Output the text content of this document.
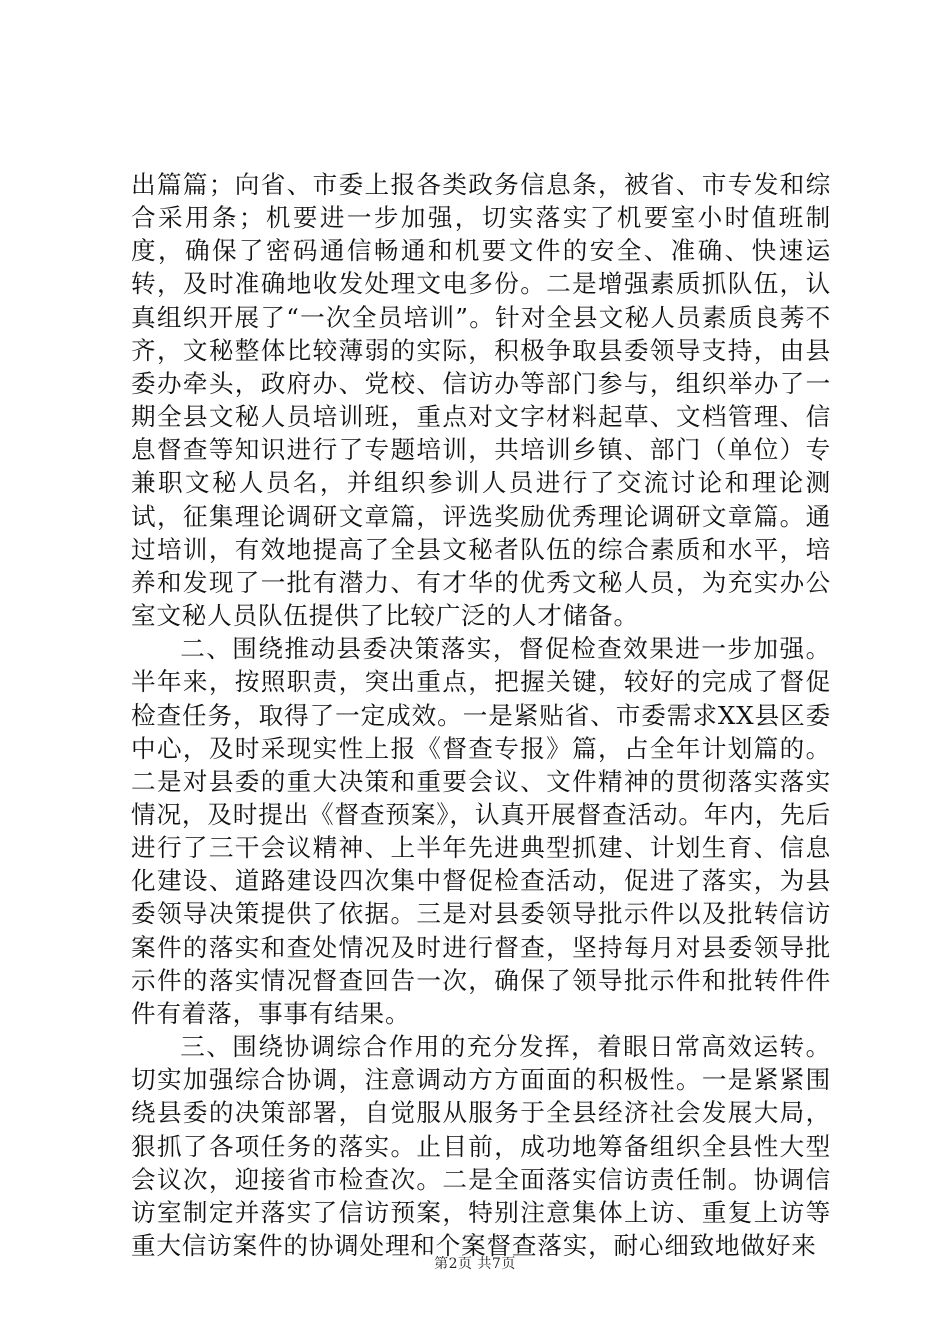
出篇篇；向省、市委上报各类政务信息条，被省、市专发和综合采用条；机要进一步加强，切实落实了机要室小时值班制度，确保了密码通信畅通和机要文件的安全、准确、快速运转，及时准确地收发处理文电多份。二是增强素质抓队伍，认真组织开展了“一次全员培训”。针对全县文秘人员素质良莠不齐，文秘整体比较薄弱的实际，积极争取县委领导支持，由县委办牵头，政府办、党校、信访办等部门参与，组织举办了一期全县文秘人员培训班，重点对文字材料起草、文档管理、信息督查等知识进行了专题培训，共培训乡镇、部门（单位）专兼职文秘人员名，并组织参训人员进行了交流讨论和理论测试，征集理论调研文章篇，评选奖励优秀理论调研文章篇。通过培训，有效地提高了全县文秘者队伍的综合素质和水平，培养和发现了一批有潜力、有才华的优秀文秘人员，为充实办公室文秘人员队伍提供了比较广泛的人才储备。

二、围绕推动县委决策落实，督促检查效果进一步加强。半年来，按照职责，突出重点，把握关键，较好的完成了督促检查任务，取得了一定成效。一是紧贴省、市委需求XX县区委中心，及时采现实性上报《督查专报》篇，占全年计划篇的。二是对县委的重大决策和重要会议、文件精神的贯彻落实落实情况，及时提出《督查预案》，认真开展督查活动。年内，先后进行了三干会议精神、上半年先进典型抓建、计划生育、信息化建设、道路建设四次集中督促检查活动，促进了落实，为县委领导决策提供了依据。三是对县委领导批示件以及批转信访案件的落实和查处情况及时进行督查，坚持每月对县委领导批示件的落实情况督查回告一次，确保了领导批示件和批转件件件有着落，事事有结果。

三、围绕协调综合作用的充分发挥，着眼日常高效运转。切实加强综合协调，注意调动方方面面的积极性。一是紧紧围绕县委的决策部署，自觉服从服务于全县经济社会发展大局，狠抓了各项任务的落实。止目前，成功地筹备组织全县性大型会议次，迎接省市检查次。二是全面落实信访责任制。协调信访室制定并落实了信访预案，特别注意集体上访、重复上访等重大信访案件的协调处理和个案督查落实，耐心细致地做好来

第2页 共7页
